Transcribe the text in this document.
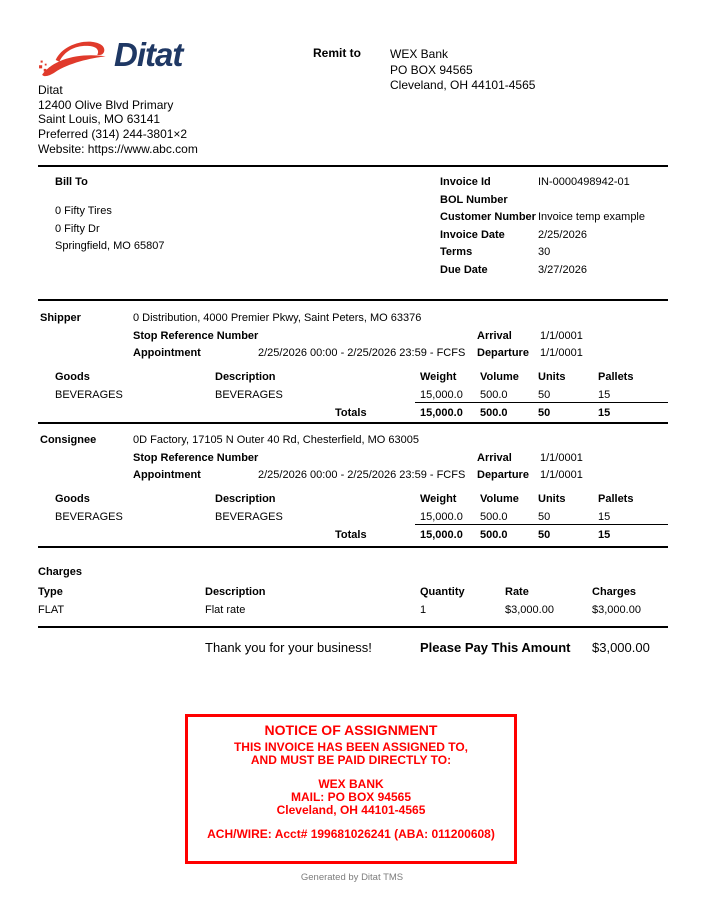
Ditat	Remit to WEX Bank
PO BOX 94565
Cleveland, OH 44101-4565
Ditat
12400 Olive Blvd Primary
Saint Louis, MO 63141
Preferred (314) 244-3801×2
Website: https://www.abc.com
Bill To
0 Fifty Tires
0 Fifty Dr
Springfield, MO 65807
Invoice Id	IN-0000498942-01
BOL Number
Customer Number Invoice temp example
Invoice Date	2/25/2026
Terms	30
Due Date	3/27/2026
Shipper	0 Distribution, 4000 Premier Pkwy, Saint Peters, MO 63376
Stop Reference Number	Arrival	1/1/0001
Appointment	2/25/2026 00:00 - 2/25/2026 23:59 - FCFS Departure 1/1/0001
Goods	Description	Weight Volume Units	Pallets
BEVERAGES	BEVERAGES	15,000.0 500.0	50	15
Totals	15,000.0 500.0	50	15
Consignee	0D Factory, 17105 N Outer 40 Rd, Chesterfield, MO 63005
Stop Reference Number	Arrival	1/1/0001
Appointment	2/25/2026 00:00 - 2/25/2026 23:59 - FCFS Departure 1/1/0001
Goods	Description	Weight Volume Units	Pallets
BEVERAGES	BEVERAGES	15,000.0 500.0	50	15
Totals	15,000.0 500.0	50	15
Charges
Type	Description	Quantity	Rate	Charges
FLAT	Flat rate	1	$3,000.00	$3,000.00
Thank you for your business!	Please Pay This Amount $3,000.00
NOTICE OF ASSIGNMENT
THIS INVOICE HAS BEEN ASSIGNED TO,
AND MUST BE PAID DIRECTLY TO:
WEX BANK
MAIL: PO BOX 94565
Cleveland, OH 44101-4565
ACH/WIRE: Acct# 199681026241 (ABA: 011200608)
Generated by Ditat TMS
